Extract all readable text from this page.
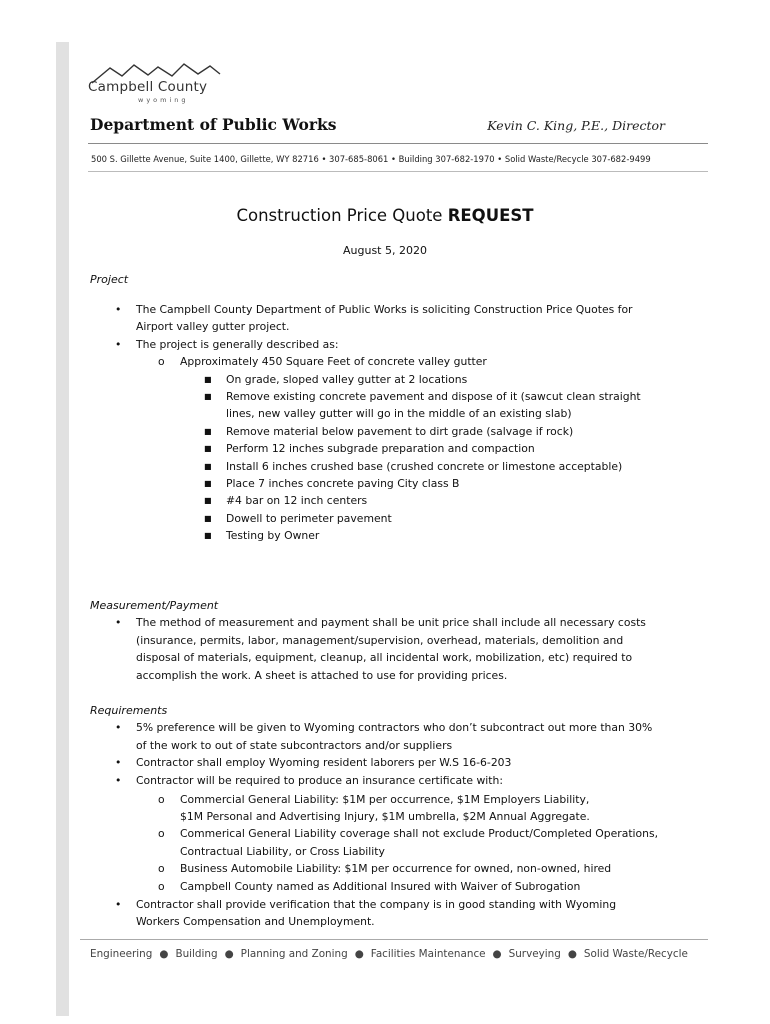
Campbell County
wyoming
Department of Public Works	Kevin C. King, P.E., Director
500 S. Gillette Avenue, Suite 1400, Gillette, WY 82716 • 307-685-8061 • Building 307-682-1970 • Solid Waste/Recycle 307-682-9499
Construction Price Quote REQUEST
August 5, 2020
Project
• The Campbell County Department of Public Works is soliciting Construction Price Quotes for
Airport valley gutter project.
• The project is generally described as:
o Approximately 450 Square Feet of concrete valley gutter
■ On grade, sloped valley gutter at 2 locations
■ Remove existing concrete pavement and dispose of it (sawcut clean straight
lines, new valley gutter will go in the middle of an existing slab)
■ Remove material below pavement to dirt grade (salvage if rock)
■ Perform 12 inches subgrade preparation and compaction
■ Install 6 inches crushed base (crushed concrete or limestone acceptable)
■ Place 7 inches concrete paving City class B
■ #4 bar on 12 inch centers
■ Dowell to perimeter pavement
■ Testing by Owner
Measurement/Payment
• The method of measurement and payment shall be unit price shall include all necessary costs
(insurance, permits, labor, management/supervision, overhead, materials, demolition and
disposal of materials, equipment, cleanup, all incidental work, mobilization, etc) required to
accomplish the work. A sheet is attached to use for providing prices.
Requirements
• 5% preference will be given to Wyoming contractors who don’t subcontract out more than 30%
of the work to out of state subcontractors and/or suppliers
• Contractor shall employ Wyoming resident laborers per W.S 16-6-203
• Contractor will be required to produce an insurance certificate with:
o Commercial General Liability: $1M per occurrence, $1M Employers Liability,
$1M Personal and Advertising Injury, $1M umbrella, $2M Annual Aggregate.
o Commerical General Liability coverage shall not exclude Product/Completed Operations,
Contractual Liability, or Cross Liability
o Business Automobile Liability: $1M per occurrence for owned, non-owned, hired
o Campbell County named as Additional Insured with Waiver of Subrogation
• Contractor shall provide verification that the company is in good standing with Wyoming
Workers Compensation and Unemployment.
Engineering ● Building ● Planning and Zoning ● Facilities Maintenance ● Surveying ● Solid Waste/Recycle
